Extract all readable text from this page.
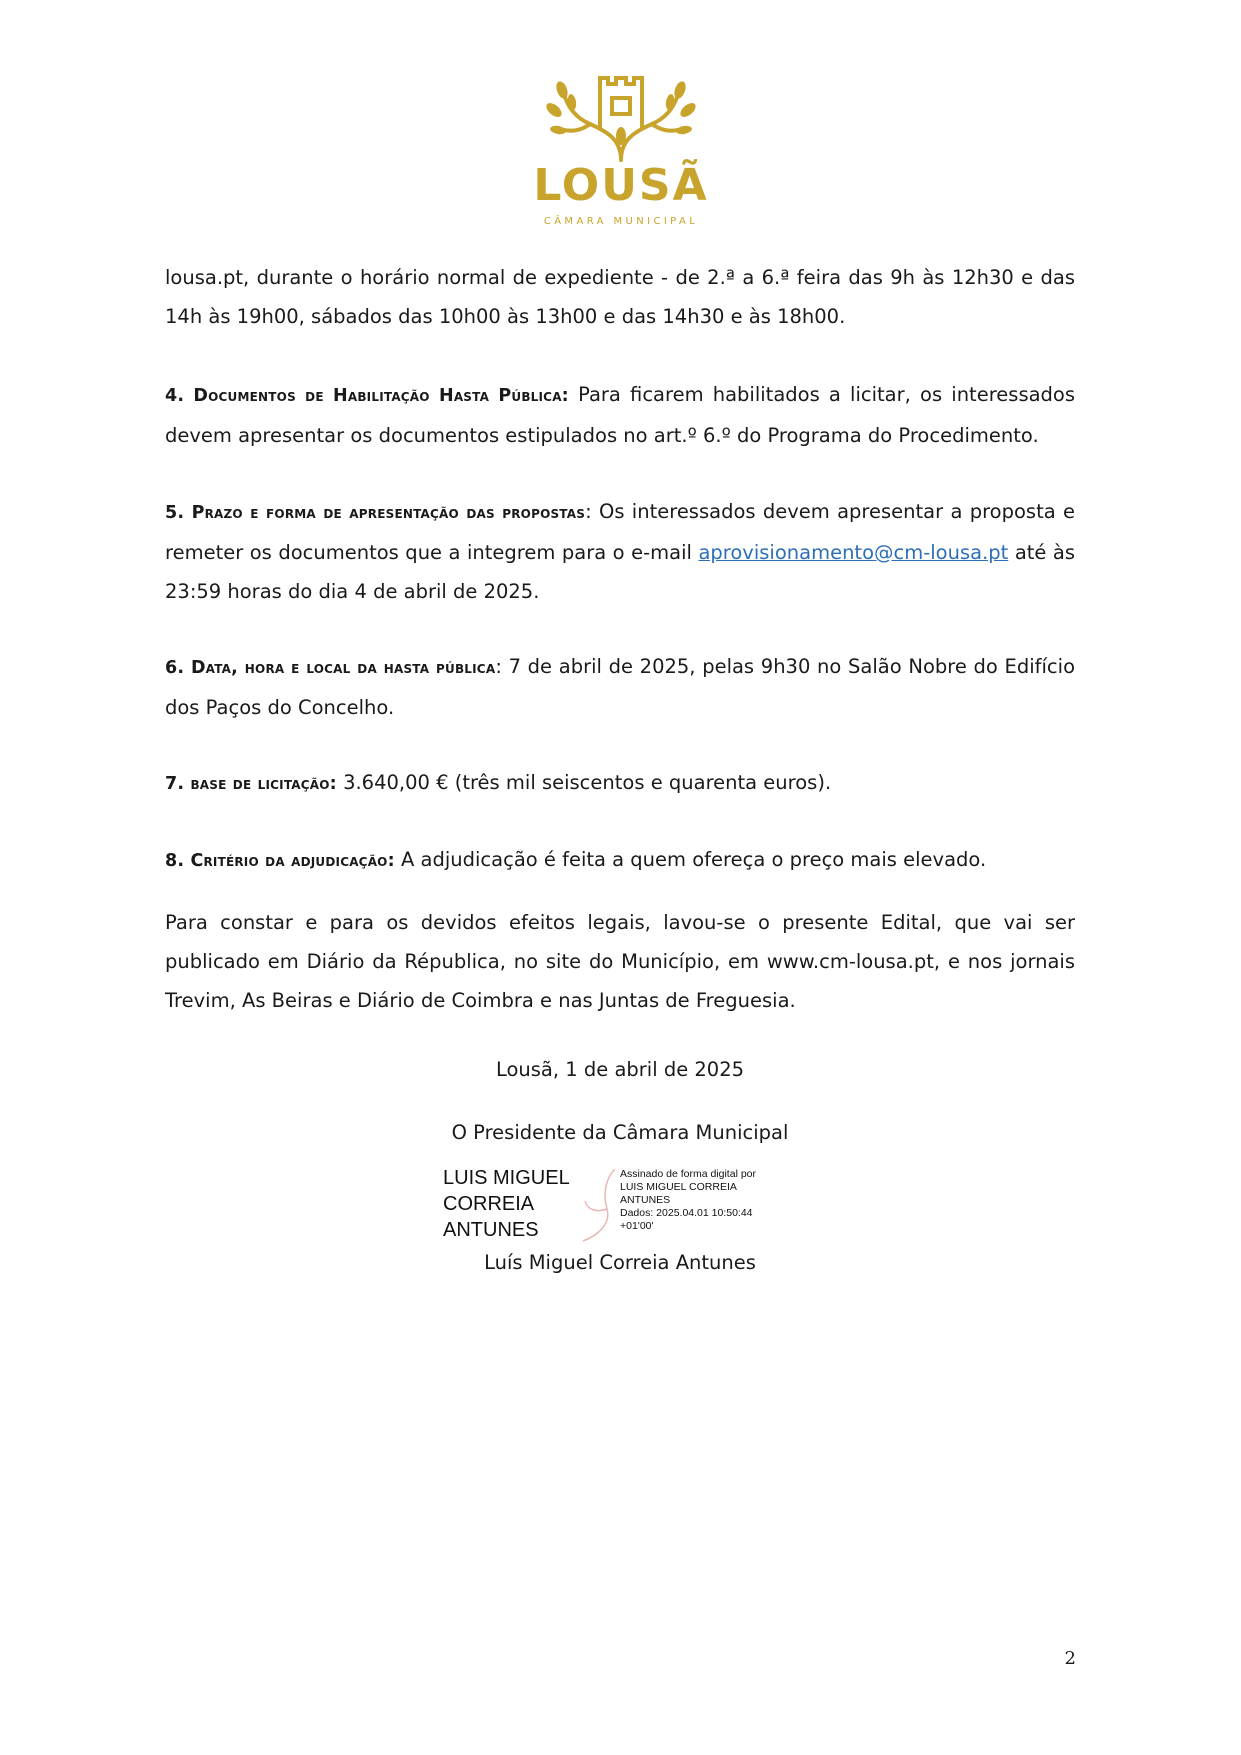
LOUSÃ
CÂMARA MUNICIPAL

lousa.pt, durante o horário normal de expediente - de 2.ª a 6.ª feira das 9h às 12h30 e das 14h às 19h00, sábados das 10h00 às 13h00 e das 14h30 e às 18h00.

4. Documentos de Habilitação Hasta Pública: Para ficarem habilitados a licitar, os interessados devem apresentar os documentos estipulados no art.º 6.º do Programa do Procedimento.

5. Prazo e forma de apresentação das propostas: Os interessados devem apresentar a proposta e remeter os documentos que a integrem para o e-mail aprovisionamento@cm-lousa.pt até às 23:59 horas do dia 4 de abril de 2025.

6. Data, hora e local da hasta pública: 7 de abril de 2025, pelas 9h30 no Salão Nobre do Edifício dos Paços do Concelho.

7. base de licitação: 3.640,00 € (três mil seiscentos e quarenta euros).

8. Critério da adjudicação: A adjudicação é feita a quem ofereça o preço mais elevado.

Para constar e para os devidos efeitos legais, lavou-se o presente Edital, que vai ser publicado em Diário da Républica, no site do Município, em www.cm-lousa.pt, e nos jornais Trevim, As Beiras e Diário de Coimbra e nas Juntas de Freguesia.

Lousã, 1 de abril de 2025

O Presidente da Câmara Municipal

LUIS MIGUEL
CORREIA
ANTUNES
Assinado de forma digital por
LUIS MIGUEL CORREIA
ANTUNES
Dados: 2025.04.01 10:50:44
+01'00'

Luís Miguel Correia Antunes

2
